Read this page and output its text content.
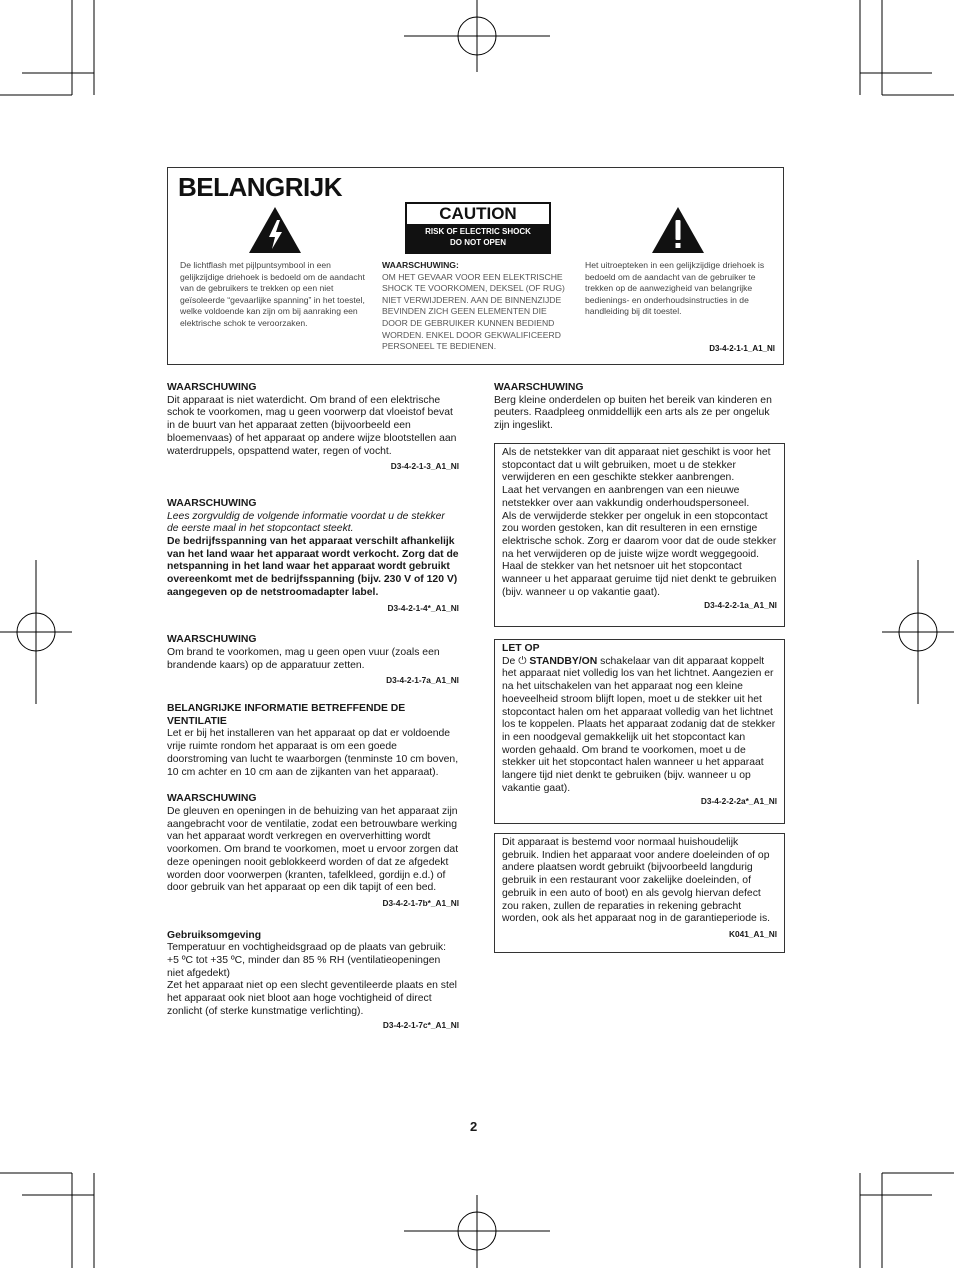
BELANGRIJK
CAUTION
RISK OF ELECTRIC SHOCK
DO NOT OPEN
De lichtflash met pijlpuntsymbool in een gelijkzijdige driehoek is bedoeld om de aandacht van de gebruikers te trekken op een niet geïsoleerde “gevaarlijke spanning” in het toestel, welke voldoende kan zijn om bij aanraking een elektrische schok te veroorzaken.
WAARSCHUWING:
OM HET GEVAAR VOOR EEN ELEKTRISCHE SHOCK TE VOORKOMEN, DEKSEL (OF RUG) NIET VERWIJDEREN. AAN DE BINNENZIJDE BEVINDEN ZICH GEEN ELEMENTEN DIE DOOR DE GEBRUIKER KUNNEN BEDIEND WORDEN. ENKEL DOOR GEKWALIFICEERD PERSONEEL TE BEDIENEN.
Het uitroepteken in een gelijkzijdige driehoek is bedoeld om de aandacht van de gebruiker te trekken op de aanwezigheid van belangrijke bedienings- en onderhoudsinstructies in de handleiding bij dit toestel.
D3-4-2-1-1_A1_Nl

WAARSCHUWING

Dit apparaat is niet waterdicht. Om brand of een elektrische schok te voorkomen, mag u geen voorwerp dat vloeistof bevat in de buurt van het apparaat zetten (bijvoorbeeld een bloemenvaas) of het apparaat op andere wijze blootstellen aan waterdruppels, opspattend water, regen of vocht.

D3-4-2-1-3_A1_Nl

WAARSCHUWING

Lees zorgvuldig de volgende informatie voordat u de stekker de eerste maal in het stopcontact steekt.

De bedrijfsspanning van het apparaat verschilt afhankelijk van het land waar het apparaat wordt verkocht. Zorg dat de netspanning in het land waar het apparaat wordt gebruikt overeenkomt met de bedrijfsspanning (bijv. 230 V of 120 V) aangegeven op de netstroomadapter label.

D3-4-2-1-4*_A1_Nl

WAARSCHUWING

Om brand te voorkomen, mag u geen open vuur (zoals een brandende kaars) op de apparatuur zetten.

D3-4-2-1-7a_A1_Nl

BELANGRIJKE INFORMATIE BETREFFENDE DE VENTILATIE

Let er bij het installeren van het apparaat op dat er voldoende vrije ruimte rondom het apparaat is om een goede doorstroming van lucht te waarborgen (tenminste 10 cm boven, 10 cm achter en 10 cm aan de zijkanten van het apparaat).

WAARSCHUWING

De gleuven en openingen in de behuizing van het apparaat zijn aangebracht voor de ventilatie, zodat een betrouwbare werking van het apparaat wordt verkregen en oververhitting wordt voorkomen. Om brand te voorkomen, moet u ervoor zorgen dat deze openingen nooit geblokkeerd worden of dat ze afgedekt worden door voorwerpen (kranten, tafelkleed, gordijn e.d.) of door gebruik van het apparaat op een dik tapijt of een bed.

D3-4-2-1-7b*_A1_Nl

Gebruiksomgeving

Temperatuur en vochtigheidsgraad op de plaats van gebruik:

+5 ºC tot +35 ºC, minder dan 85 % RH (ventilatieopeningen niet afgedekt)

Zet het apparaat niet op een slecht geventileerde plaats en stel het apparaat ook niet bloot aan hoge vochtigheid of direct zonlicht (of sterke kunstmatige verlichting).

D3-4-2-1-7c*_A1_Nl

WAARSCHUWING

Berg kleine onderdelen op buiten het bereik van kinderen en peuters. Raadpleeg onmiddellijk een arts als ze per ongeluk zijn ingeslikt.

Als de netstekker van dit apparaat niet geschikt is voor het stopcontact dat u wilt gebruiken, moet u de stekker verwijderen en een geschikte stekker aanbrengen.

Laat het vervangen en aanbrengen van een nieuwe netstekker over aan vakkundig onderhoudspersoneel.

Als de verwijderde stekker per ongeluk in een stopcontact zou worden gestoken, kan dit resulteren in een ernstige elektrische schok. Zorg er daarom voor dat de oude stekker na het verwijderen op de juiste wijze wordt weggegooid.

Haal de stekker van het netsnoer uit het stopcontact wanneer u het apparaat geruime tijd niet denkt te gebruiken (bijv. wanneer u op vakantie gaat).

D3-4-2-2-1a_A1_Nl

LET OP

De ⏻ STANDBY/ON schakelaar van dit apparaat koppelt het apparaat niet volledig los van het lichtnet. Aangezien er na het uitschakelen van het apparaat nog een kleine hoeveelheid stroom blijft lopen, moet u de stekker uit het stopcontact halen om het apparaat volledig van het lichtnet los te koppelen. Plaats het apparaat zodanig dat de stekker in een noodgeval gemakkelijk uit het stopcontact kan worden gehaald. Om brand te voorkomen, moet u de stekker uit het stopcontact halen wanneer u het apparaat langere tijd niet denkt te gebruiken (bijv. wanneer u op vakantie gaat).

D3-4-2-2-2a*_A1_Nl

Dit apparaat is bestemd voor normaal huishoudelijk gebruik. Indien het apparaat voor andere doeleinden of op andere plaatsen wordt gebruikt (bijvoorbeeld langdurig gebruik in een restaurant voor zakelijke doeleinden, of gebruik in een auto of boot) en als gevolg hiervan defect zou raken, zullen de reparaties in rekening gebracht worden, ook als het apparaat nog in de garantieperiode is.

K041_A1_Nl

2
